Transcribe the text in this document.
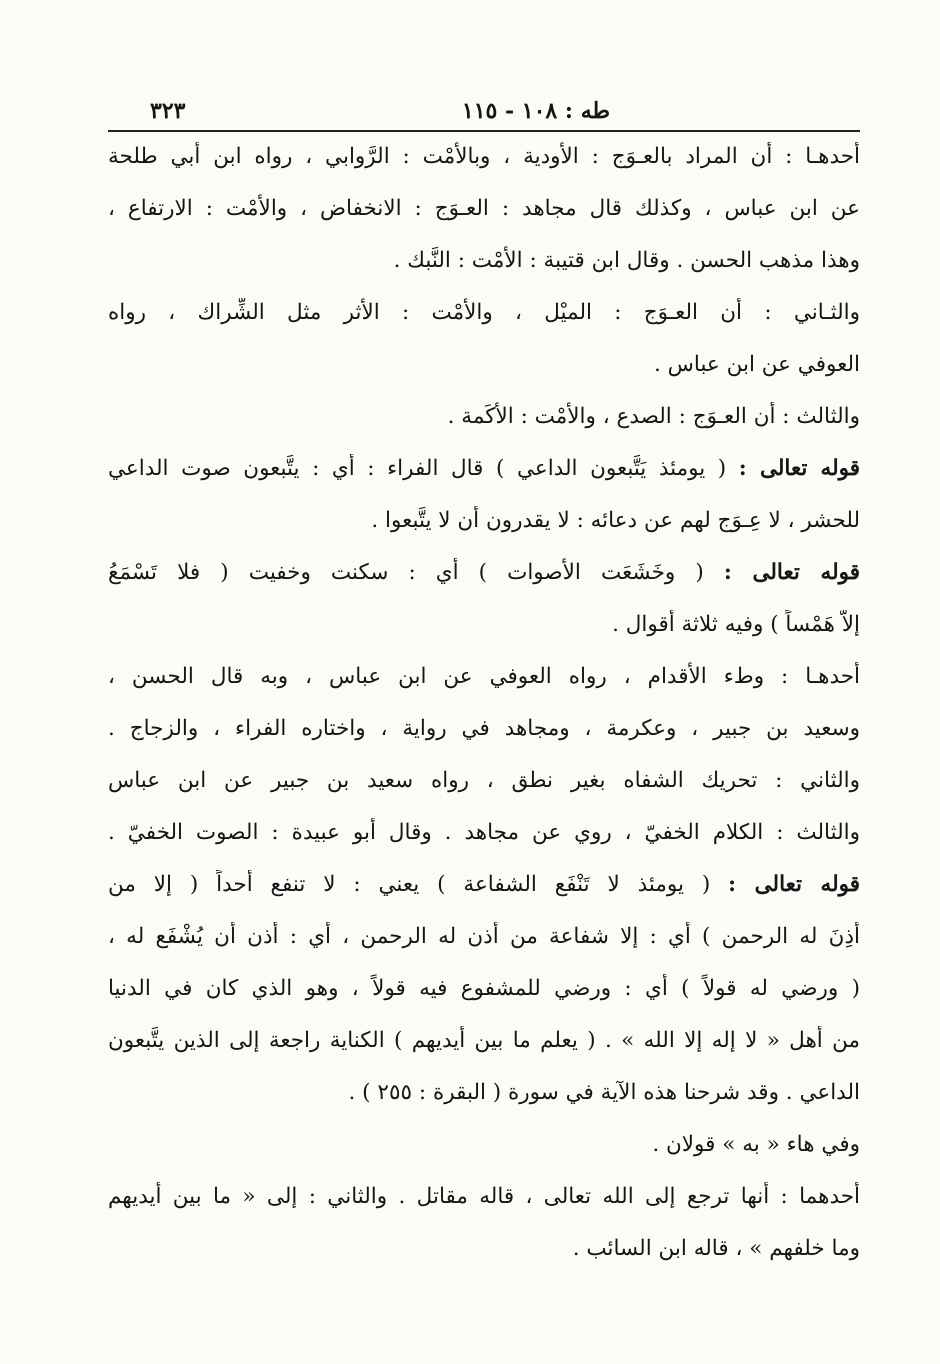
طه : ١٠٨ - ١١٥
٣٢٣
أحدهـا : أن المراد بالعـوَج : الأودية ، وبالأَمْت : الرَّوابي ، رواه ابن أبي طلحة
عن ابن عباس ، وكذلك قال مجاهد : العـوَج : الانخفاض ، والأَمْت : الارتفاع ،
وهذا مذهب الحسن . وقال ابن قتيبة : الأَمْت : النَّبك .
والثـاني : أن العـوَج : الميْل ، والأَمْت : الأَثر مثل الشِّراك ، رواه
العوفي عن ابن عباس .
والثالث : أن العـوَج : الصدع ، والأَمْت : الأَكَمة .
قوله تعالى : ( يومئذ يَتَّبعون الداعي ) قال الفراء : أي : يتَّبعون صوت الداعي
للحشر ، لا عِـوَج لهم عن دعائه : لا يقدرون أن لا يتَّبعوا .
قوله تعالى : ( وخَشَعَت الأصوات ) أي : سكنت وخفيت ( فلا تَسْمَعُ
إلاّ هَمْساً ) وفيه ثلاثة أقوال .
أحدهـا : وطء الأقدام ، رواه العوفي عن ابن عباس ، وبه قال الحسن ،
وسعيد بن جبير ، وعكرمة ، ومجاهد في رواية ، واختاره الفراء ، والزجاج .
والثاني : تحريك الشفاه بغير نطق ، رواه سعيد بن جبير عن ابن عباس
والثالث : الكلام الخفيّ ، روي عن مجاهد . وقال أبو عبيدة : الصوت الخفيّ .
قوله تعالى : ( يومئذ لا تَنْفَع الشفاعة ) يعني : لا تنفع أحداً ( إلا من
أَذِنَ له الرحمن ) أي : إلا شفاعة من أذن له الرحمن ، أي : أذن أن يُشْفَع له ،
( ورضي له قولاً ) أي : ورضي للمشفوع فيه قولاً ، وهو الذي كان في الدنيا
من أهل « لا إله إلا الله » . ( يعلم ما بين أيديهم ) الكناية راجعة إلى الذين يتَّبعون
الداعي . وقد شرحنا هذه الآية في سورة ( البقرة : ٢٥٥ ) .
وفي هاء « به » قولان .
أحدهما : أنها ترجع إلى الله تعالى ، قاله مقاتل . والثاني : إلى « ما بين أيديهم
وما خلفهم » ، قاله ابن السائب .
